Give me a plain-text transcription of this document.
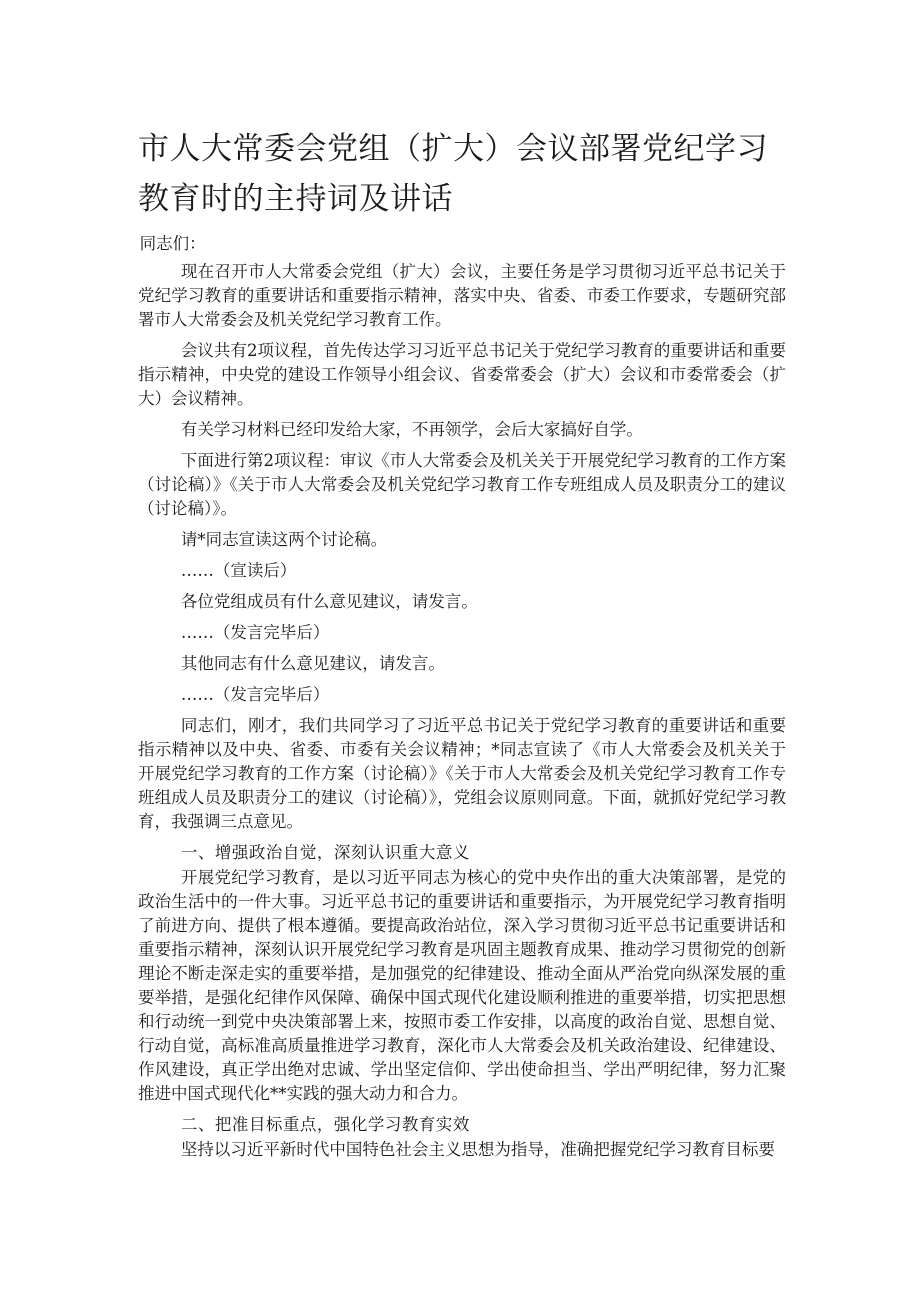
市人大常委会党组（扩大）会议部署党纪学习教育时的主持词及讲话

同志们：

现在召开市人大常委会党组（扩大）会议，主要任务是学习贯彻习近平总书记关于党纪学习教育的重要讲话和重要指示精神，落实中央、省委、市委工作要求，专题研究部署市人大常委会及机关党纪学习教育工作。

会议共有2项议程，首先传达学习习近平总书记关于党纪学习教育的重要讲话和重要指示精神，中央党的建设工作领导小组会议、省委常委会（扩大）会议和市委常委会（扩大）会议精神。

有关学习材料已经印发给大家，不再领学，会后大家搞好自学。

下面进行第2项议程：审议《市人大常委会及机关关于开展党纪学习教育的工作方案（讨论稿）》《关于市人大常委会及机关党纪学习教育工作专班组成人员及职责分工的建议（讨论稿）》。

请*同志宣读这两个讨论稿。

……（宣读后）

各位党组成员有什么意见建议，请发言。

……（发言完毕后）

其他同志有什么意见建议，请发言。

……（发言完毕后）

同志们，刚才，我们共同学习了习近平总书记关于党纪学习教育的重要讲话和重要指示精神以及中央、省委、市委有关会议精神；*同志宣读了《市人大常委会及机关关于开展党纪学习教育的工作方案（讨论稿）》《关于市人大常委会及机关党纪学习教育工作专班组成人员及职责分工的建议（讨论稿）》，党组会议原则同意。下面，就抓好党纪学习教育，我强调三点意见。

一、增强政治自觉，深刻认识重大意义

开展党纪学习教育，是以习近平同志为核心的党中央作出的重大决策部署，是党的政治生活中的一件大事。习近平总书记的重要讲话和重要指示，为开展党纪学习教育指明了前进方向、提供了根本遵循。要提高政治站位，深入学习贯彻习近平总书记重要讲话和重要指示精神，深刻认识开展党纪学习教育是巩固主题教育成果、推动学习贯彻党的创新理论不断走深走实的重要举措，是加强党的纪律建设、推动全面从严治党向纵深发展的重要举措，是强化纪律作风保障、确保中国式现代化建设顺利推进的重要举措，切实把思想和行动统一到党中央决策部署上来，按照市委工作安排，以高度的政治自觉、思想自觉、行动自觉，高标准高质量推进学习教育，深化市人大常委会及机关政治建设、纪律建设、作风建设，真正学出绝对忠诚、学出坚定信仰、学出使命担当、学出严明纪律，努力汇聚推进中国式现代化**实践的强大动力和合力。

二、把准目标重点，强化学习教育实效

坚持以习近平新时代中国特色社会主义思想为指导，准确把握党纪学习教育目标要
